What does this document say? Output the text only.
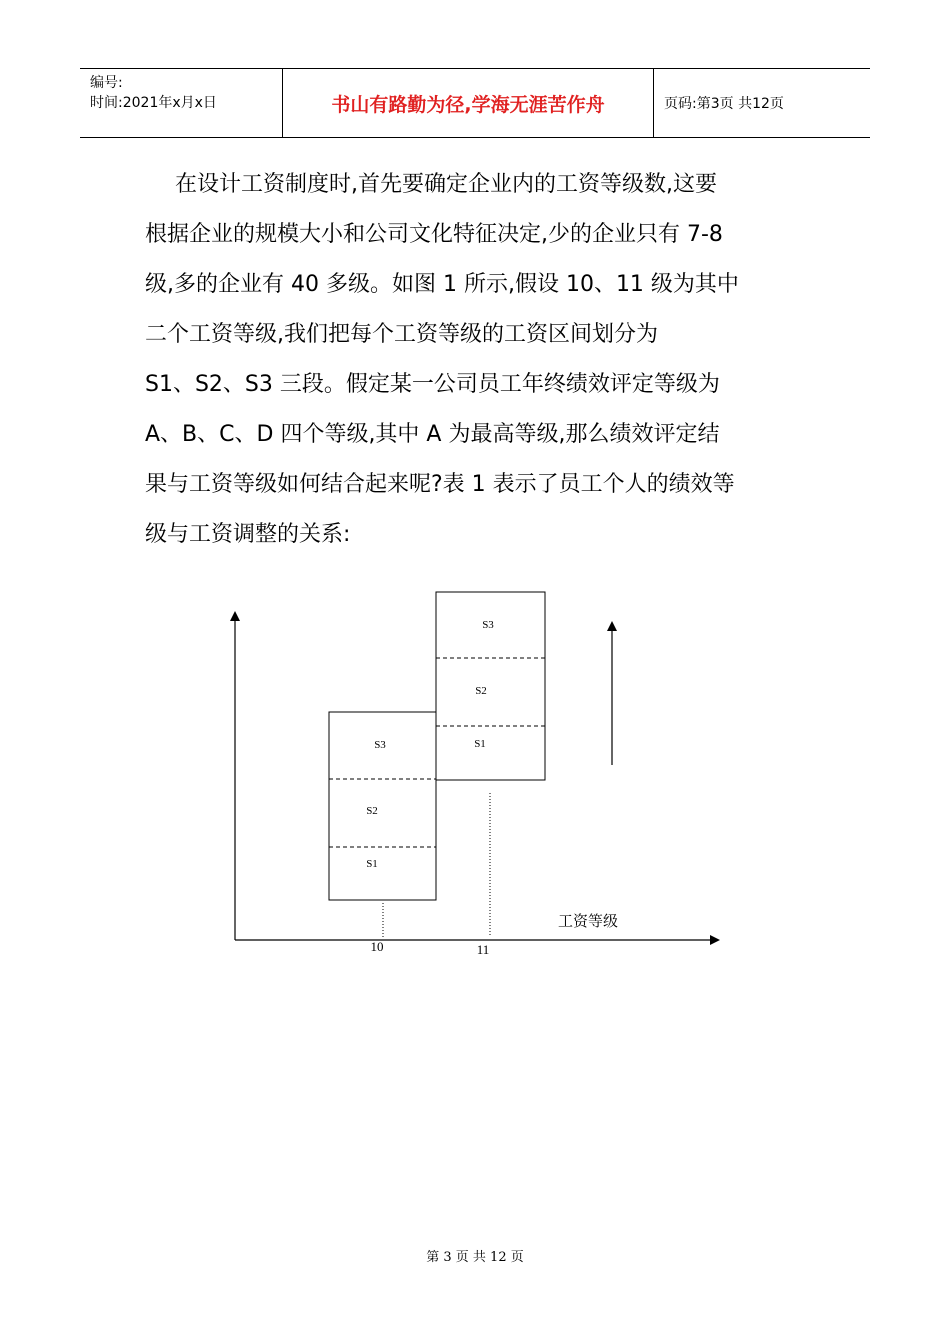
编号:
时间:2021年x月x日	书山有路勤为径,学海无涯苦作舟	页码:第3页 共12页
在设计工资制度时,首先要确定企业内的工资等级数,这要
根据企业的规模大小和公司文化特征决定,少的企业只有 7-8
级,多的企业有 40 多级。如图 1 所示,假设 10、11 级为其中
二个工资等级,我们把每个工资等级的工资区间划分为
S1、S2、S3 三段。假定某一公司员工年终绩效评定等级为
A、B、C、D 四个等级,其中 A 为最高等级,那么绩效评定结
果与工资等级如何结合起来呢?表 1 表示了员工个人的绩效等
级与工资调整的关系:
S3
S2
S1
S3
S2
S1
10	11
工资等级
第 3 页 共 12 页
